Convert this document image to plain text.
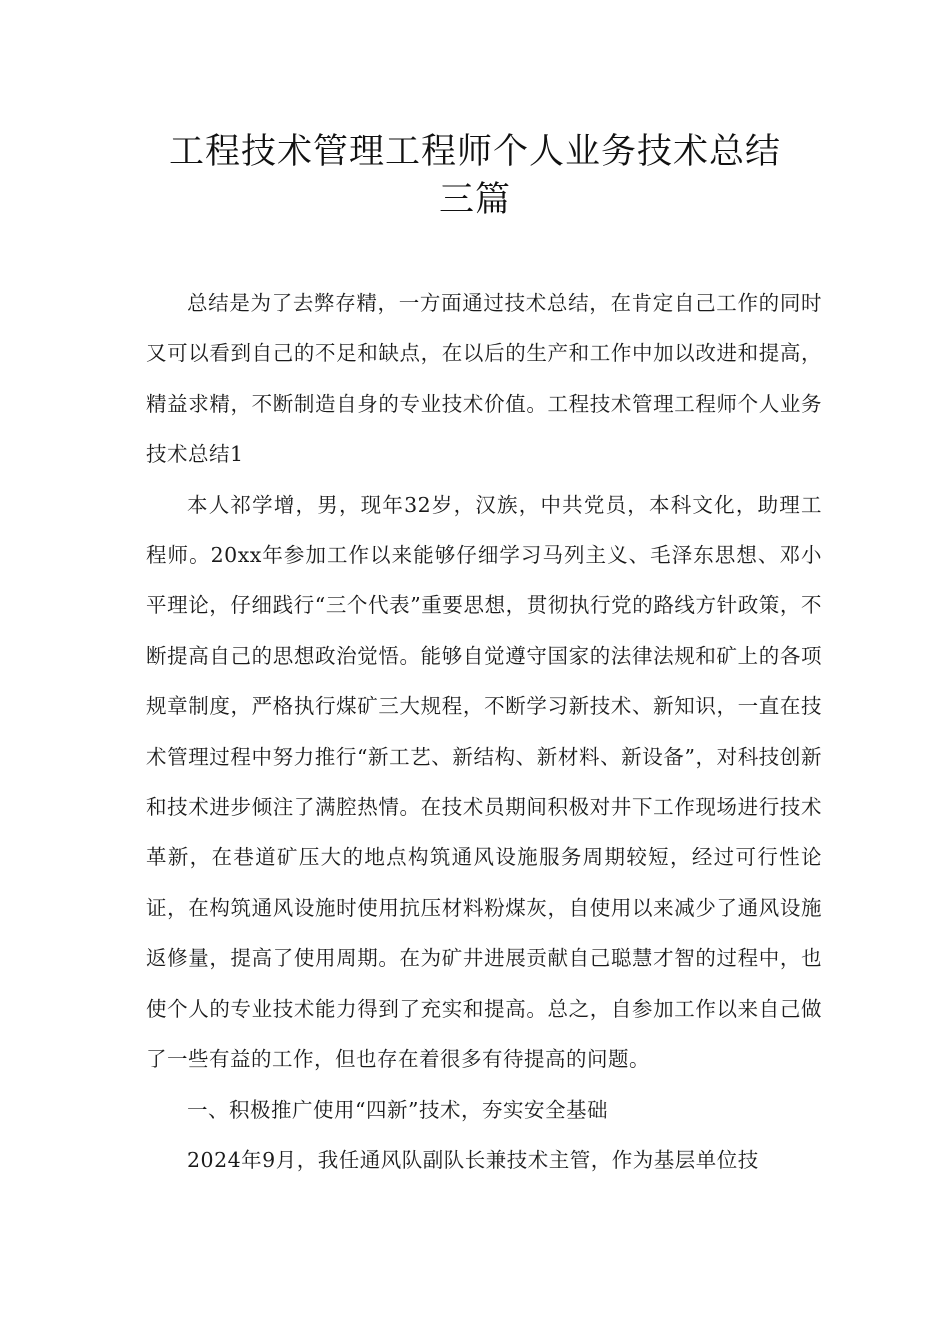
工程技术管理工程师个人业务技术总结
三篇

总结是为了去弊存精，一方面通过技术总结，在肯定自己工作的同时又可以看到自己的不足和缺点，在以后的生产和工作中加以改进和提高，精益求精，不断制造自身的专业技术价值。工程技术管理工程师个人业务技术总结1

本人祁学增，男，现年32岁，汉族，中共党员，本科文化，助理工程师。20xx年参加工作以来能够仔细学习马列主义、毛泽东思想、邓小平理论，仔细践行“三个代表”重要思想，贯彻执行党的路线方针政策，不断提高自己的思想政治觉悟。能够自觉遵守国家的法律法规和矿上的各项规章制度，严格执行煤矿三大规程，不断学习新技术、新知识，一直在技术管理过程中努力推行“新工艺、新结构、新材料、新设备”，对科技创新和技术进步倾注了满腔热情。在技术员期间积极对井下工作现场进行技术革新，在巷道矿压大的地点构筑通风设施服务周期较短，经过可行性论证，在构筑通风设施时使用抗压材料粉煤灰，自使用以来减少了通风设施返修量，提高了使用周期。在为矿井进展贡献自己聪慧才智的过程中，也使个人的专业技术能力得到了充实和提高。总之，自参加工作以来自己做了一些有益的工作，但也存在着很多有待提高的问题。

一、积极推广使用“四新”技术，夯实安全基础

2024年9月，我任通风队副队长兼技术主管，作为基层单位技
